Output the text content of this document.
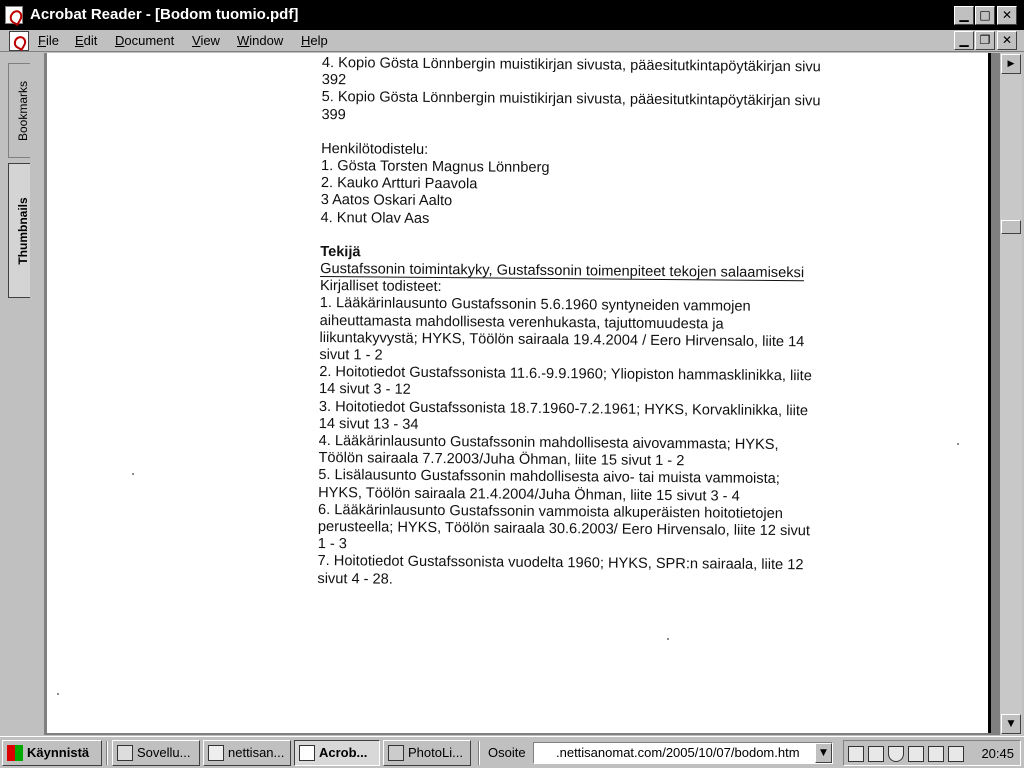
Acrobat Reader - [Bodom tuomio.pdf]	▁ □ ✕
File Edit Document View Window Help	▁ ❐ ✕
Bookmarks
Thumbnails

4. Kopio Gösta Lönnbergin muistikirjan sivusta, pääesitutkintapöytäkirjan sivu

392

5. Kopio Gösta Lönnbergin muistikirjan sivusta, pääesitutkintapöytäkirjan sivu

399

Henkilötodistelu:

1. Gösta Torsten Magnus Lönnberg

2. Kauko Artturi Paavola

3 Aatos Oskari Aalto

4. Knut Olav Aas

Tekijä

Gustafssonin toimintakyky, Gustafssonin toimenpiteet tekojen salaamiseksi

Kirjalliset todisteet:

1. Lääkärinlausunto Gustafssonin 5.6.1960 syntyneiden vammojen

aiheuttamasta mahdollisesta verenhukasta, tajuttomuudesta ja

liikuntakyvystä; HYKS, Töölön sairaala 19.4.2004 / Eero Hirvensalo, liite 14

sivut 1 - 2

2. Hoitotiedot Gustafssonista 11.6.-9.9.1960; Yliopiston hammasklinikka, liite

14 sivut 3 - 12

3. Hoitotiedot Gustafssonista 18.7.1960-7.2.1961; HYKS, Korvaklinikka, liite

14 sivut 13 - 34

4. Lääkärinlausunto Gustafssonin mahdollisesta aivovammasta; HYKS,

Töölön sairaala 7.7.2003/Juha Öhman, liite 15 sivut 1 - 2

5. Lisälausunto Gustafssonin mahdollisesta aivo- tai muista vammoista;

HYKS, Töölön sairaala 21.4.2004/Juha Öhman, liite 15 sivut 3 - 4

6. Lääkärinlausunto Gustafssonin vammoista alkuperäisten hoitotietojen

perusteella; HYKS, Töölön sairaala 30.6.2003/ Eero Hirvensalo, liite 12 sivut

1 - 3

7. Hoitotiedot Gustafssonista vuodelta 1960; HYKS, SPR:n sairaala, liite 12

sivut 4 - 28.

▶
▼
Käynnistä	Sovellu...	nettisan...	Acrob...	PhotoLi...	Osoite	.nettisanomat.com/2005/10/07/bodom.htm	▼	20:45
